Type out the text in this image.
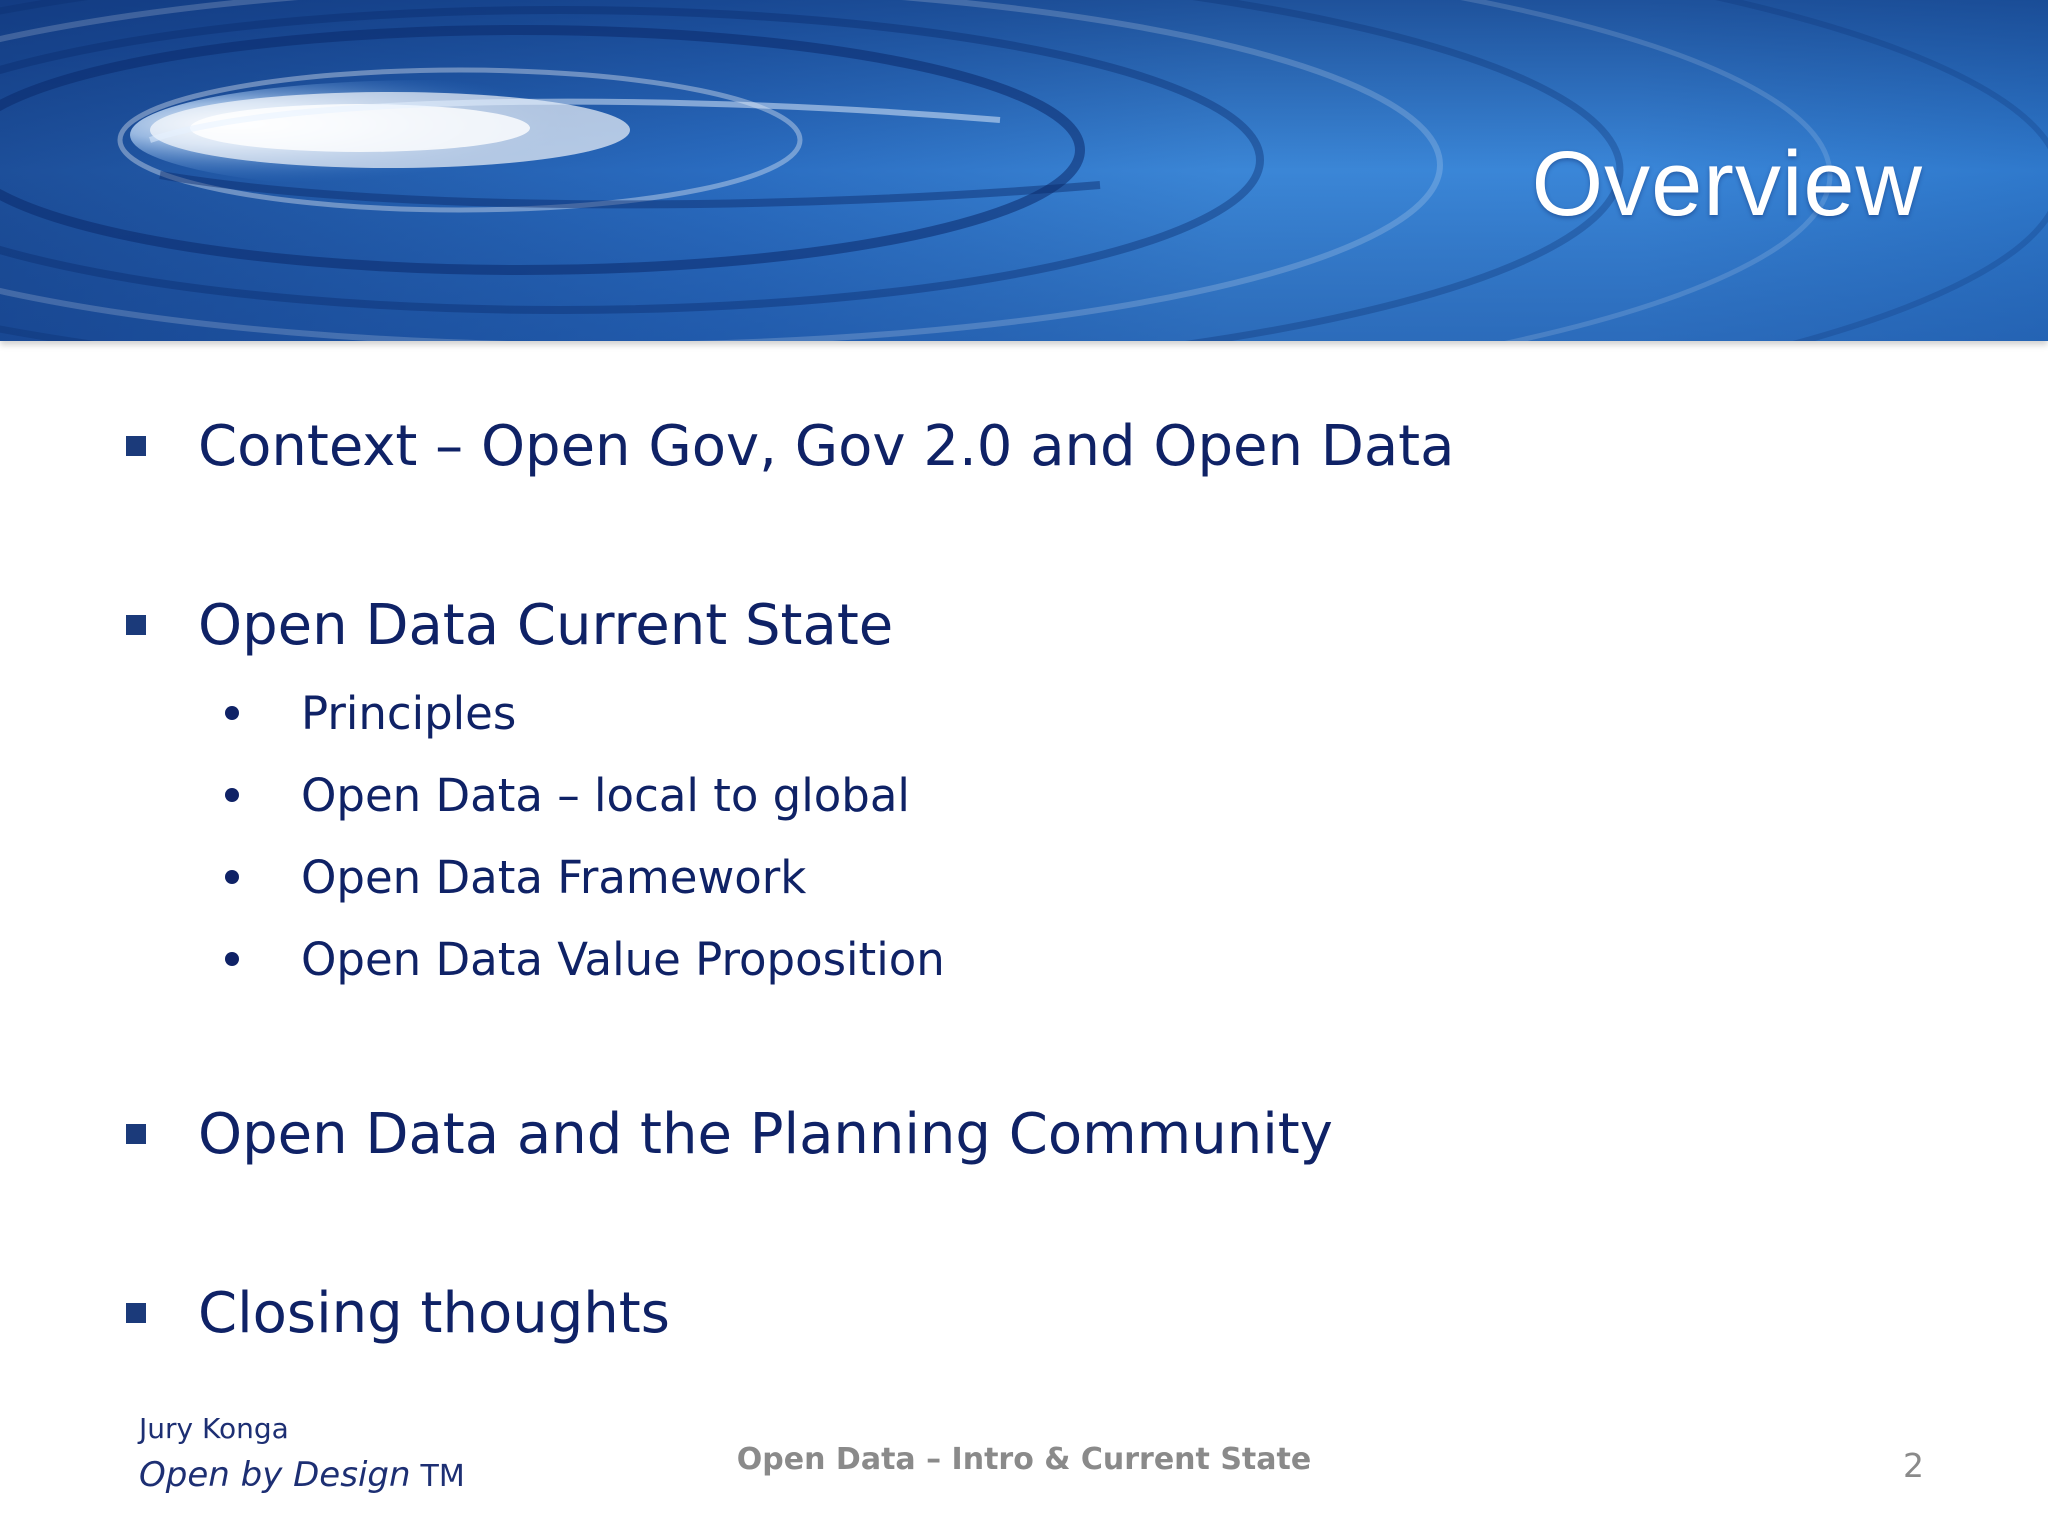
Overview
Context – Open Gov, Gov 2.0 and Open Data
Open Data Current State
Principles
Open Data – local to global
Open Data Framework
Open Data Value Proposition
Open Data and the Planning Community
Closing thoughts
Jury Konga
Open by Design TM	Open Data – Intro & Current State	2
